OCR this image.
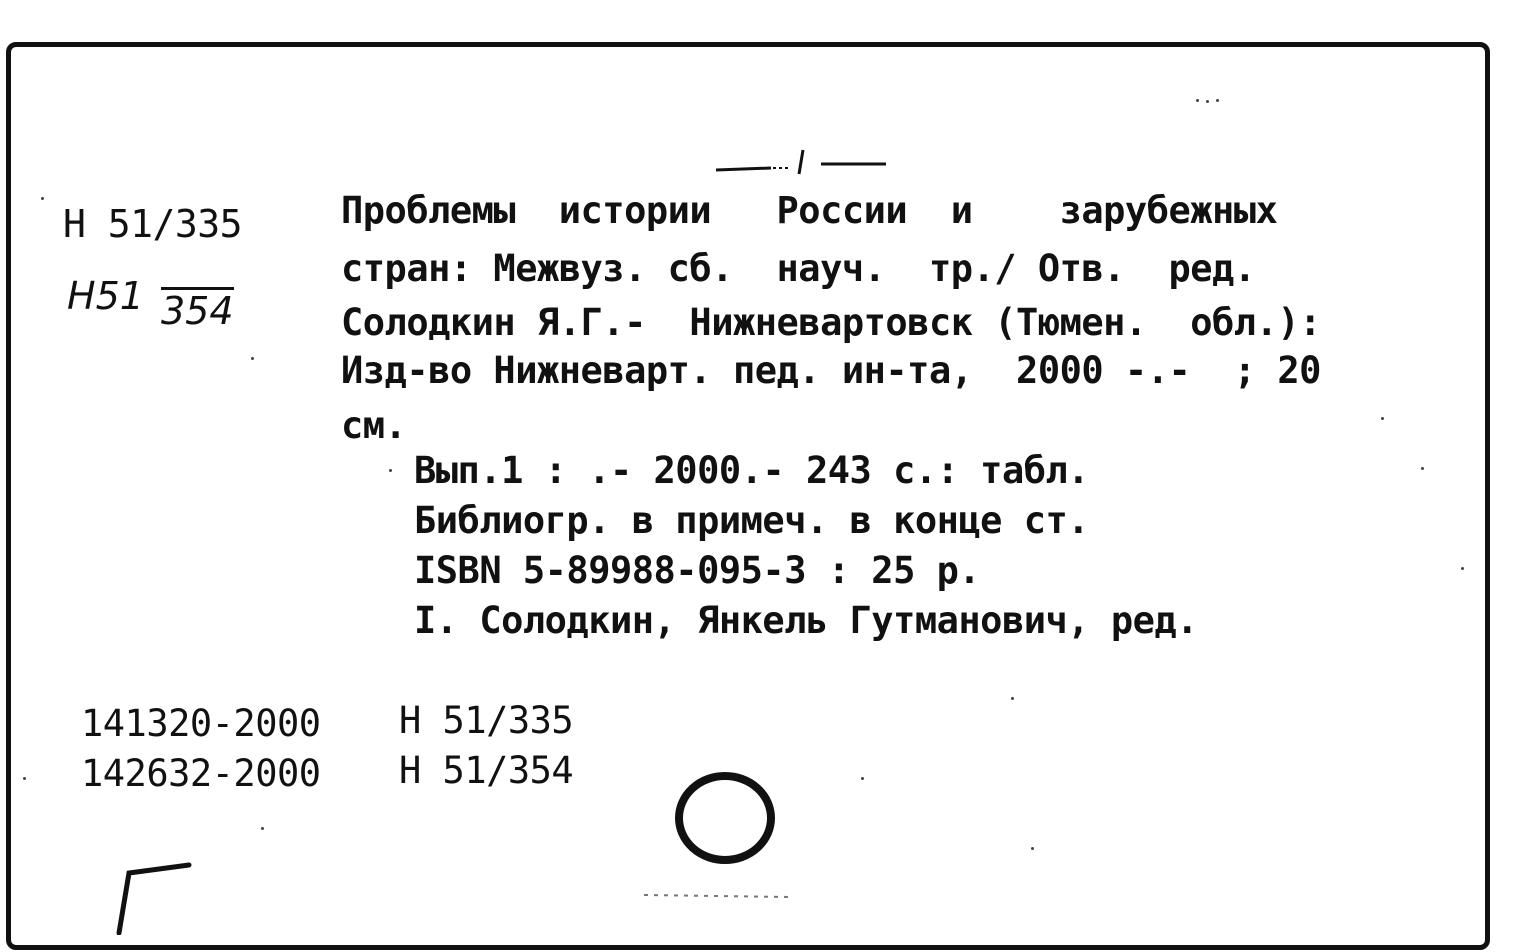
Н 51/335
Н51 354
Проблемы  истории   России  и    зарубежных
стран: Межвуз. сб.  науч.  тр./ Отв.  ред.
Солодкин Я.Г.-  Нижневартовск (Тюмен.  обл.):
Изд-во Нижневарт. пед. ин-та,  2000 -.-  ; 20
см.
Вып.1 : .- 2000.- 243 с.: табл.
Библиогр. в примеч. в конце ст.
ISBN 5-89988-095-3 : 25 р.
I. Солодкин, Янкель Гутманович, ред.
141320-2000 Н 51/335
142632-2000 Н 51/354
